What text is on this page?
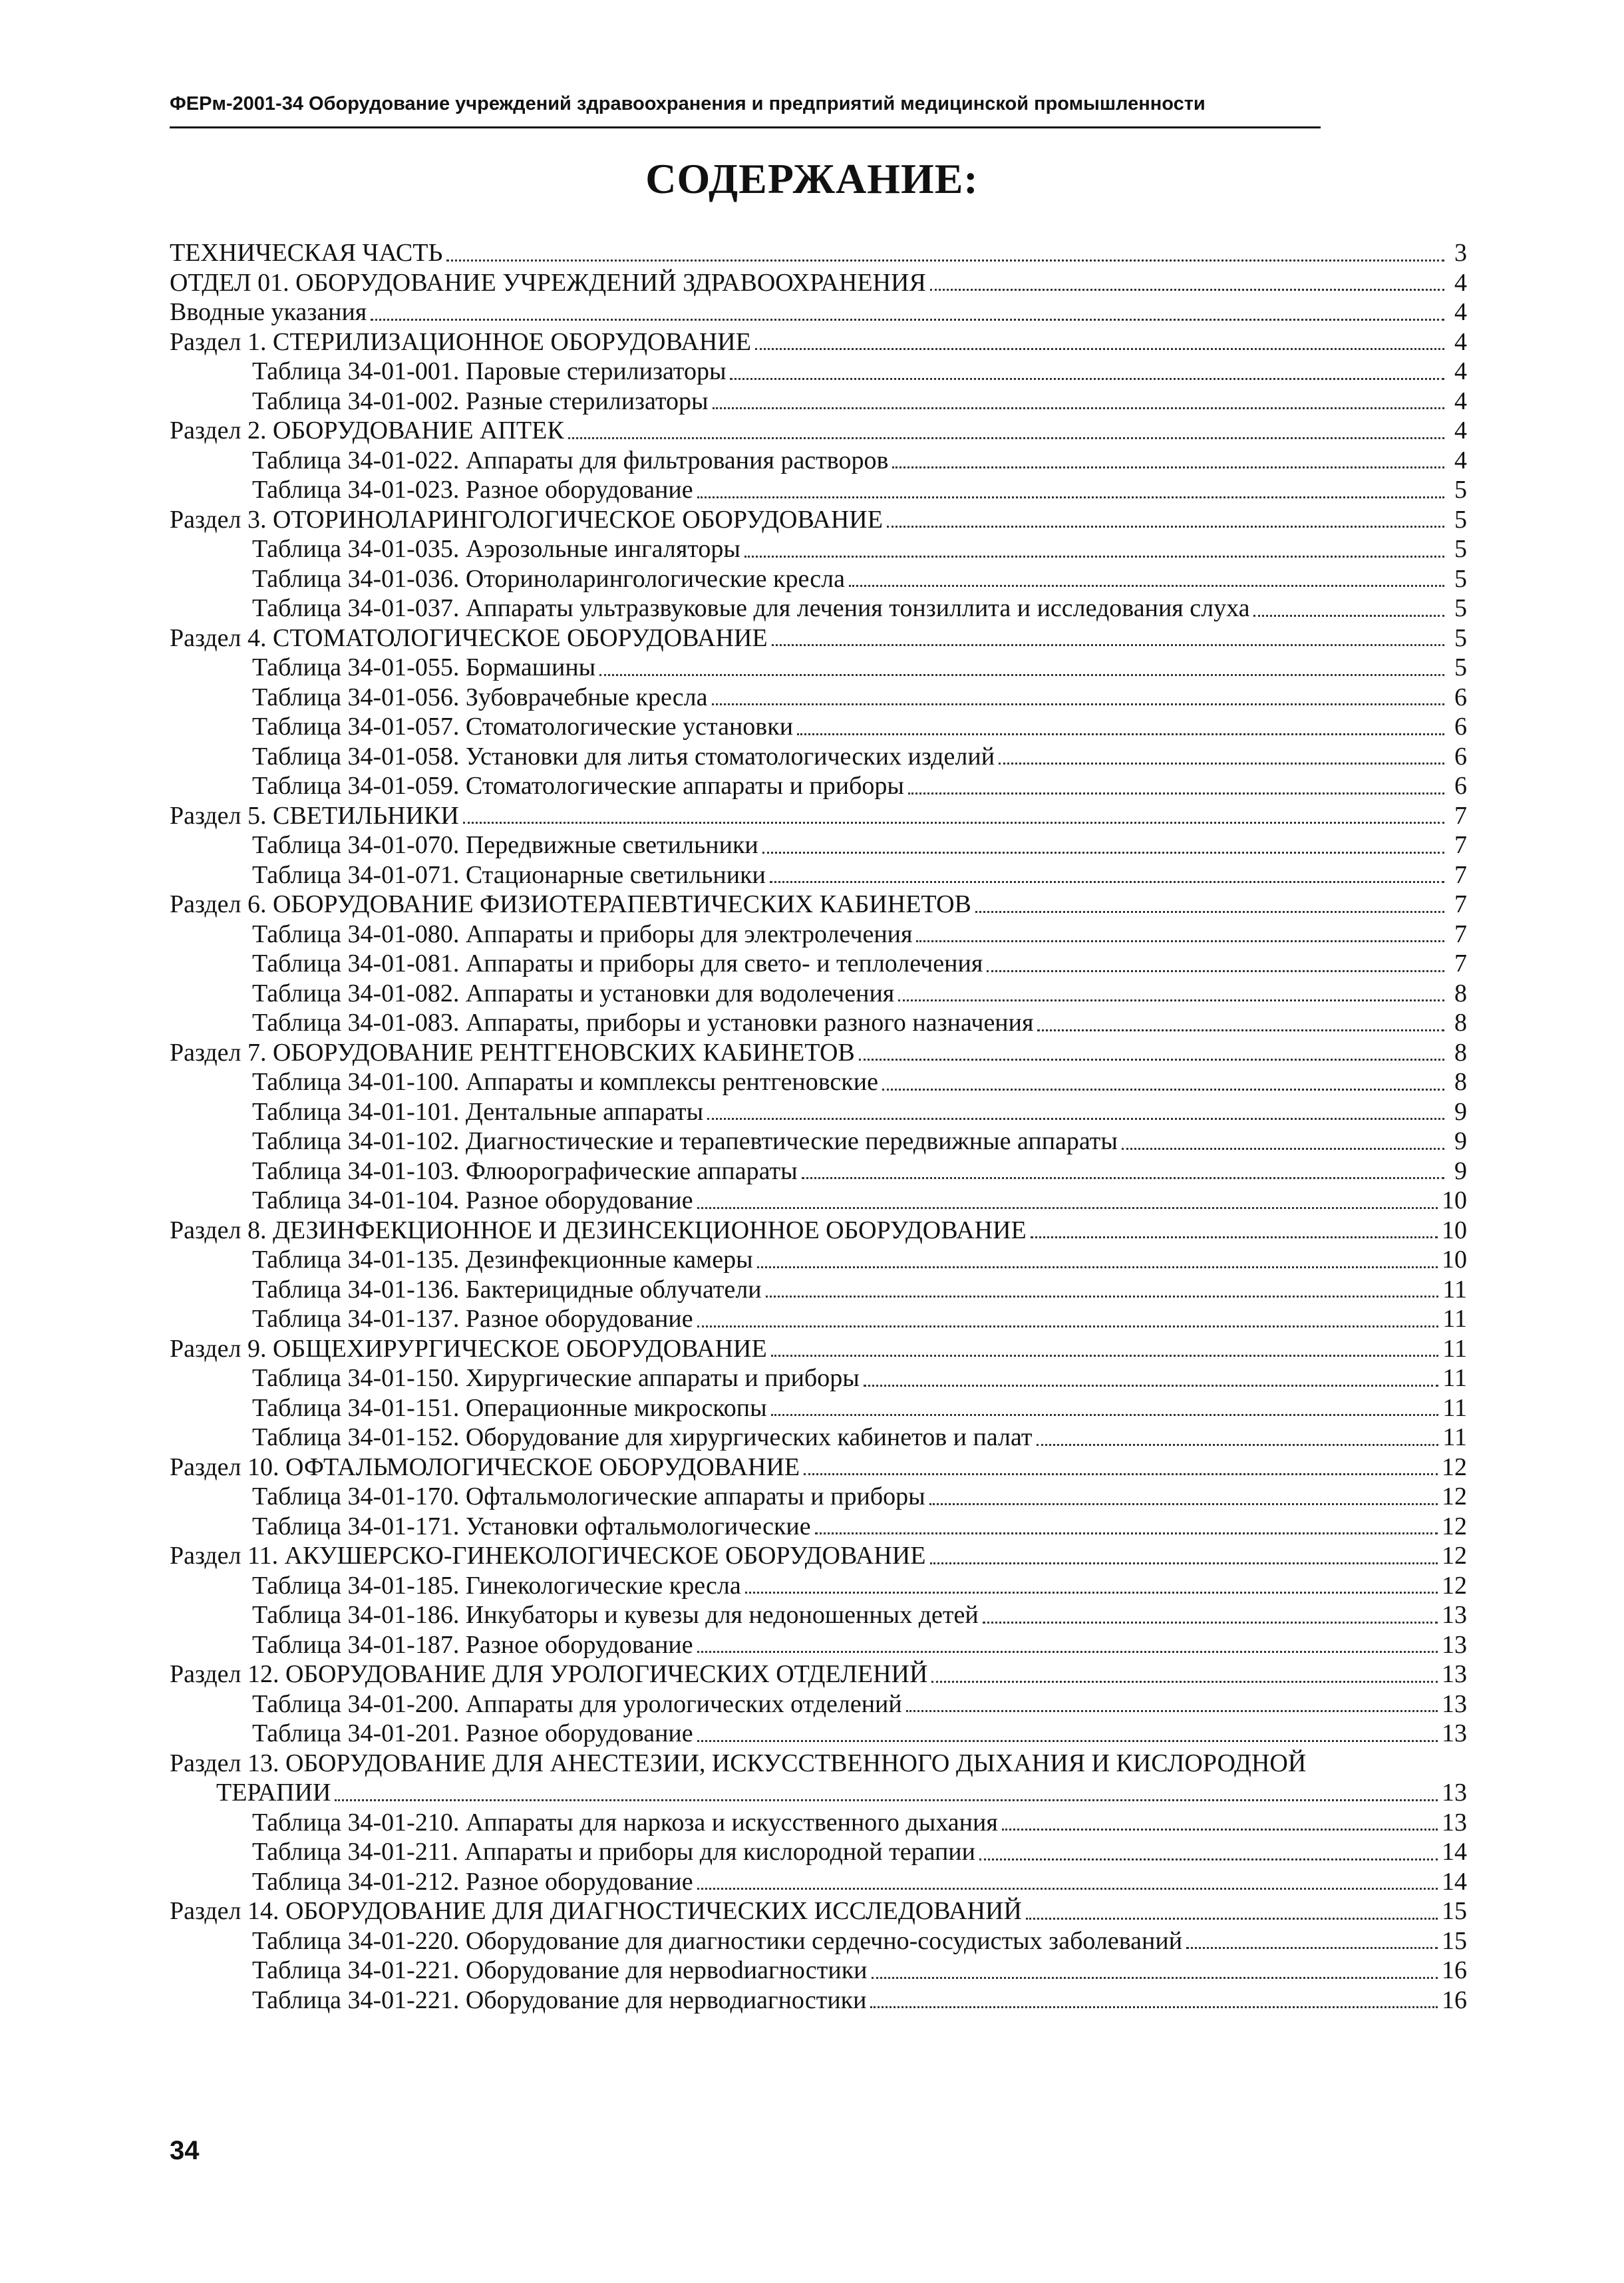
ФЕРм-2001-34 Оборудование учреждений здравоохранения и предприятий медицинской промышленности
СОДЕРЖАНИЕ:
ТЕХНИЧЕСКАЯ ЧАСТЬ	3
ОТДЕЛ 01. ОБОРУДОВАНИЕ УЧРЕЖДЕНИЙ ЗДРАВООХРАНЕНИЯ	4
Вводные указания	4
Раздел 1. СТЕРИЛИЗАЦИОННОЕ ОБОРУДОВАНИЕ	4
Таблица 34-01-001. Паровые стерилизаторы	4
Таблица 34-01-002. Разные стерилизаторы	4
Раздел 2. ОБОРУДОВАНИЕ АПТЕК	4
Таблица 34-01-022. Аппараты для фильтрования растворов	4
Таблица 34-01-023. Разное оборудование	5
Раздел 3. ОТОРИНОЛАРИНГОЛОГИЧЕСКОЕ ОБОРУДОВАНИЕ	5
Таблица 34-01-035. Аэрозольные ингаляторы	5
Таблица 34-01-036. Оториноларингологические кресла	5
Таблица 34-01-037. Аппараты ультразвуковые для лечения тонзиллита и исследования слуха	5
Раздел 4. СТОМАТОЛОГИЧЕСКОЕ ОБОРУДОВАНИЕ	5
Таблица 34-01-055. Бормашины	5
Таблица 34-01-056. Зубоврачебные кресла	6
Таблица 34-01-057. Стоматологические установки	6
Таблица 34-01-058. Установки для литья стоматологических изделий	6
Таблица 34-01-059. Стоматологические аппараты и приборы	6
Раздел 5. СВЕТИЛЬНИКИ	7
Таблица 34-01-070. Передвижные светильники	7
Таблица 34-01-071. Стационарные светильники	7
Раздел 6. ОБОРУДОВАНИЕ ФИЗИОТЕРАПЕВТИЧЕСКИХ КАБИНЕТОВ	7
Таблица 34-01-080. Аппараты и приборы для электролечения	7
Таблица 34-01-081. Аппараты и приборы для свето- и теплолечения	7
Таблица 34-01-082. Аппараты и установки для водолечения	8
Таблица 34-01-083. Аппараты, приборы и установки разного назначения	8
Раздел 7. ОБОРУДОВАНИЕ РЕНТГЕНОВСКИХ КАБИНЕТОВ	8
Таблица 34-01-100. Аппараты и комплексы рентгеновские	8
Таблица 34-01-101. Дентальные аппараты	9
Таблица 34-01-102. Диагностические и терапевтические передвижные аппараты	9
Таблица 34-01-103. Флюорографические аппараты	9
Таблица 34-01-104. Разное оборудование	10
Раздел 8. ДЕЗИНФЕКЦИОННОЕ И ДЕЗИНСЕКЦИОННОЕ ОБОРУДОВАНИЕ	10
Таблица 34-01-135. Дезинфекционные камеры	10
Таблица 34-01-136. Бактерицидные облучатели	11
Таблица 34-01-137. Разное оборудование	11
Раздел 9. ОБЩЕХИРУРГИЧЕСКОЕ ОБОРУДОВАНИЕ	11
Таблица 34-01-150. Хирургические аппараты и приборы	11
Таблица 34-01-151. Операционные микроскопы	11
Таблица 34-01-152. Оборудование для хирургических кабинетов и палат	11
Раздел 10. ОФТАЛЬМОЛОГИЧЕСКОЕ ОБОРУДОВАНИЕ	12
Таблица 34-01-170. Офтальмологические аппараты и приборы	12
Таблица 34-01-171. Установки офтальмологические	12
Раздел 11. АКУШЕРСКО-ГИНЕКОЛОГИЧЕСКОЕ ОБОРУДОВАНИЕ	12
Таблица 34-01-185. Гинекологические кресла	12
Таблица 34-01-186. Инкубаторы и кувезы для недоношенных детей	13
Таблица 34-01-187. Разное оборудование	13
Раздел 12. ОБОРУДОВАНИЕ ДЛЯ УРОЛОГИЧЕСКИХ ОТДЕЛЕНИЙ	13
Таблица 34-01-200. Аппараты для урологических отделений	13
Таблица 34-01-201. Разное оборудование	13
Раздел 13. ОБОРУДОВАНИЕ ДЛЯ АНЕСТЕЗИИ, ИСКУССТВЕННОГО ДЫХАНИЯ И КИСЛОРОДНОЙ
ТЕРАПИИ	13
Таблица 34-01-210. Аппараты для наркоза и искусственного дыхания	13
Таблица 34-01-211. Аппараты и приборы для кислородной терапии	14
Таблица 34-01-212. Разное оборудование	14
Раздел 14. ОБОРУДОВАНИЕ ДЛЯ ДИАГНОСТИЧЕСКИХ ИССЛЕДОВАНИЙ	15
Таблица 34-01-220. Оборудование для диагностики сердечно-сосудистых заболеваний	15
Таблица 34-01-221. Оборудование для нервodиагностики	16
Таблица 34-01-221. Оборудование для нерводиагностики	16
34
